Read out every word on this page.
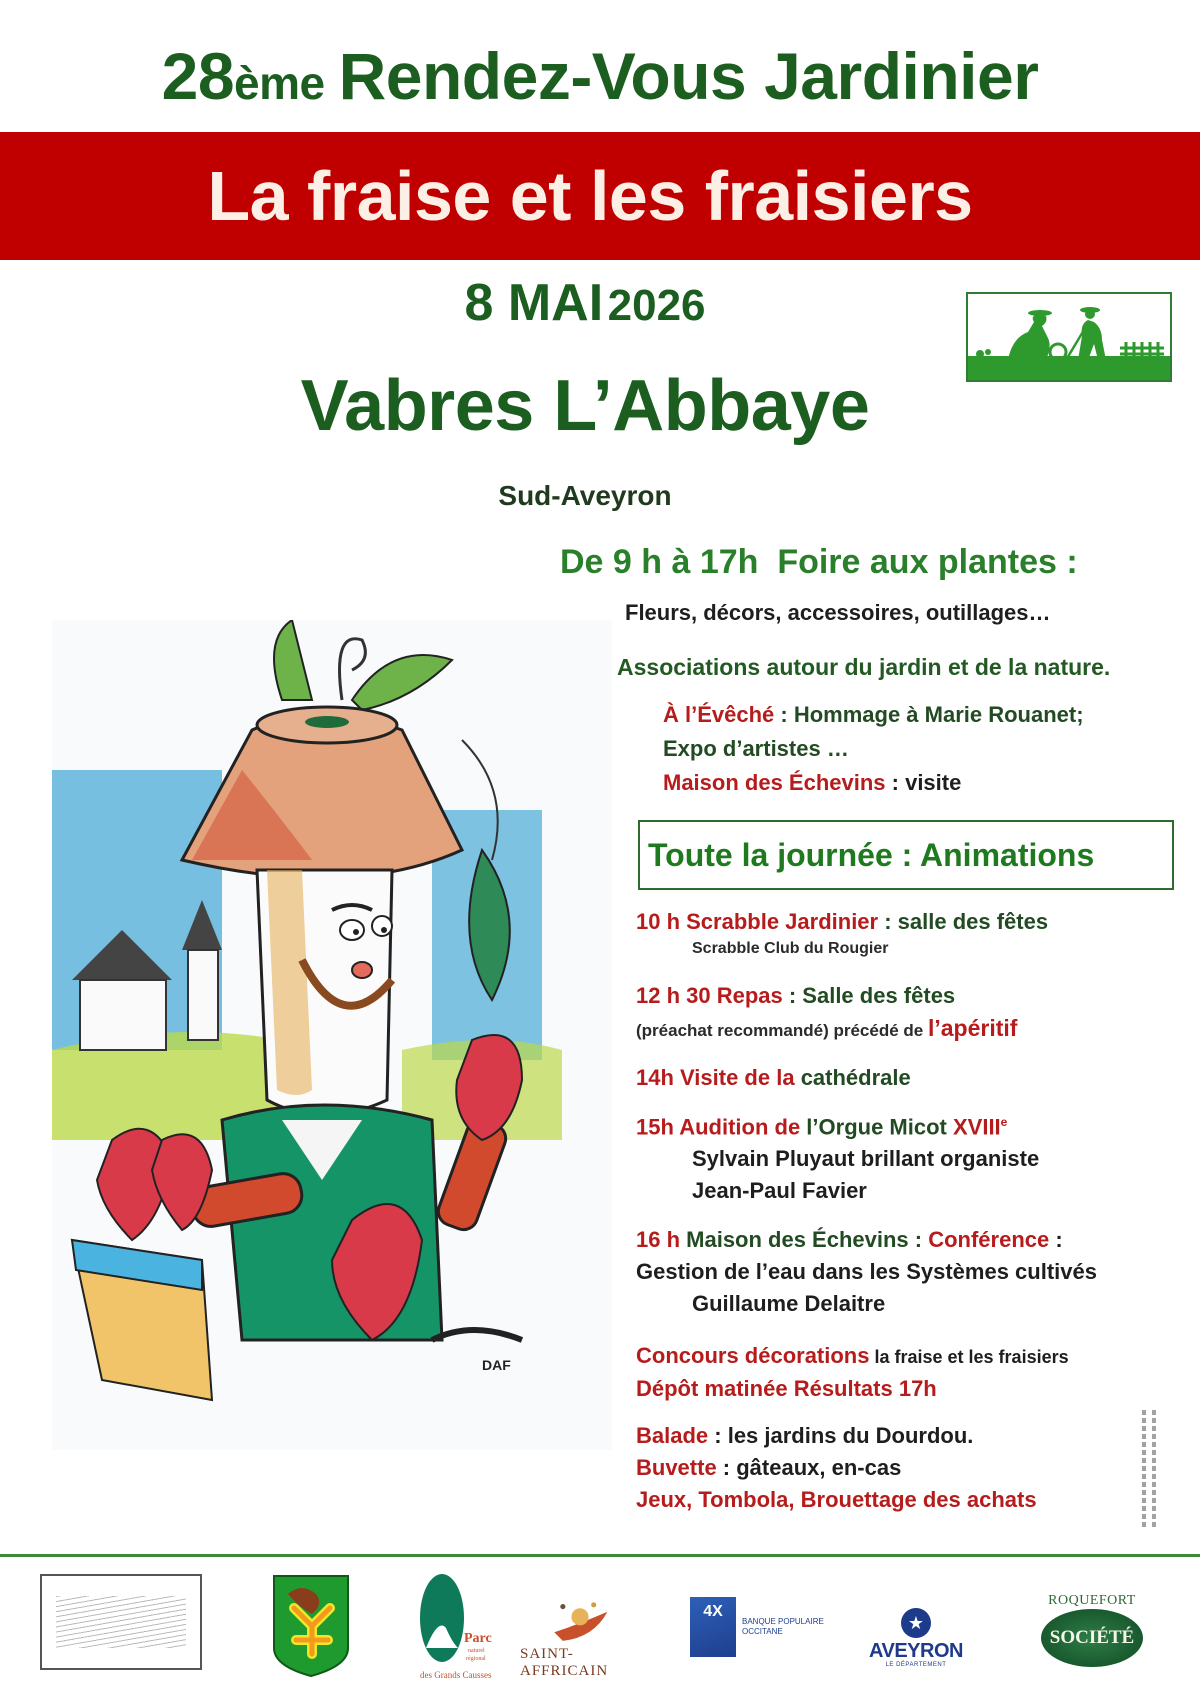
28ème Rendez-Vous Jardinier
La fraise et les fraisiers
8 MAI 2026
Vabres L’Abbaye
Sud-Aveyron
De 9 h à 17h  Foire aux plantes :
Fleurs, décors, accessoires, outillages…
Associations autour du jardin et de la nature.
À l’Évêché : Hommage à Marie Rouanet;
Expo d’artistes …
Maison des Échevins : visite
DAF
Toute la journée : Animations
10 h Scrabble Jardinier : salle des fêtes
Scrabble Club du Rougier
12 h 30 Repas : Salle des fêtes
(préachat recommandé) précédé de l’apéritif
14h Visite de la cathédrale
15h Audition de l’Orgue Micot XVIIIe
Sylvain Pluyaut brillant organiste
Jean-Paul Favier
16 h Maison des Échevins : Conférence :
Gestion de l’eau dans les Systèmes cultivés
Guillaume Delaitre
Concours décorations la fraise et les fraisiers
Dépôt matinée Résultats 17h
Balade : les jardins du Dourdou.
Buvette : gâteaux, en-cas
Jeux, Tombola, Brouettage des achats
Parc
naturel
régional
des Grands Causses
SAINT-AFFRICAIN
4X
BANQUE POPULAIRE OCCITANE	★
AVEYRON
LE DÉPARTEMENT
ROQUEFORT
SOCIÉTÉ
